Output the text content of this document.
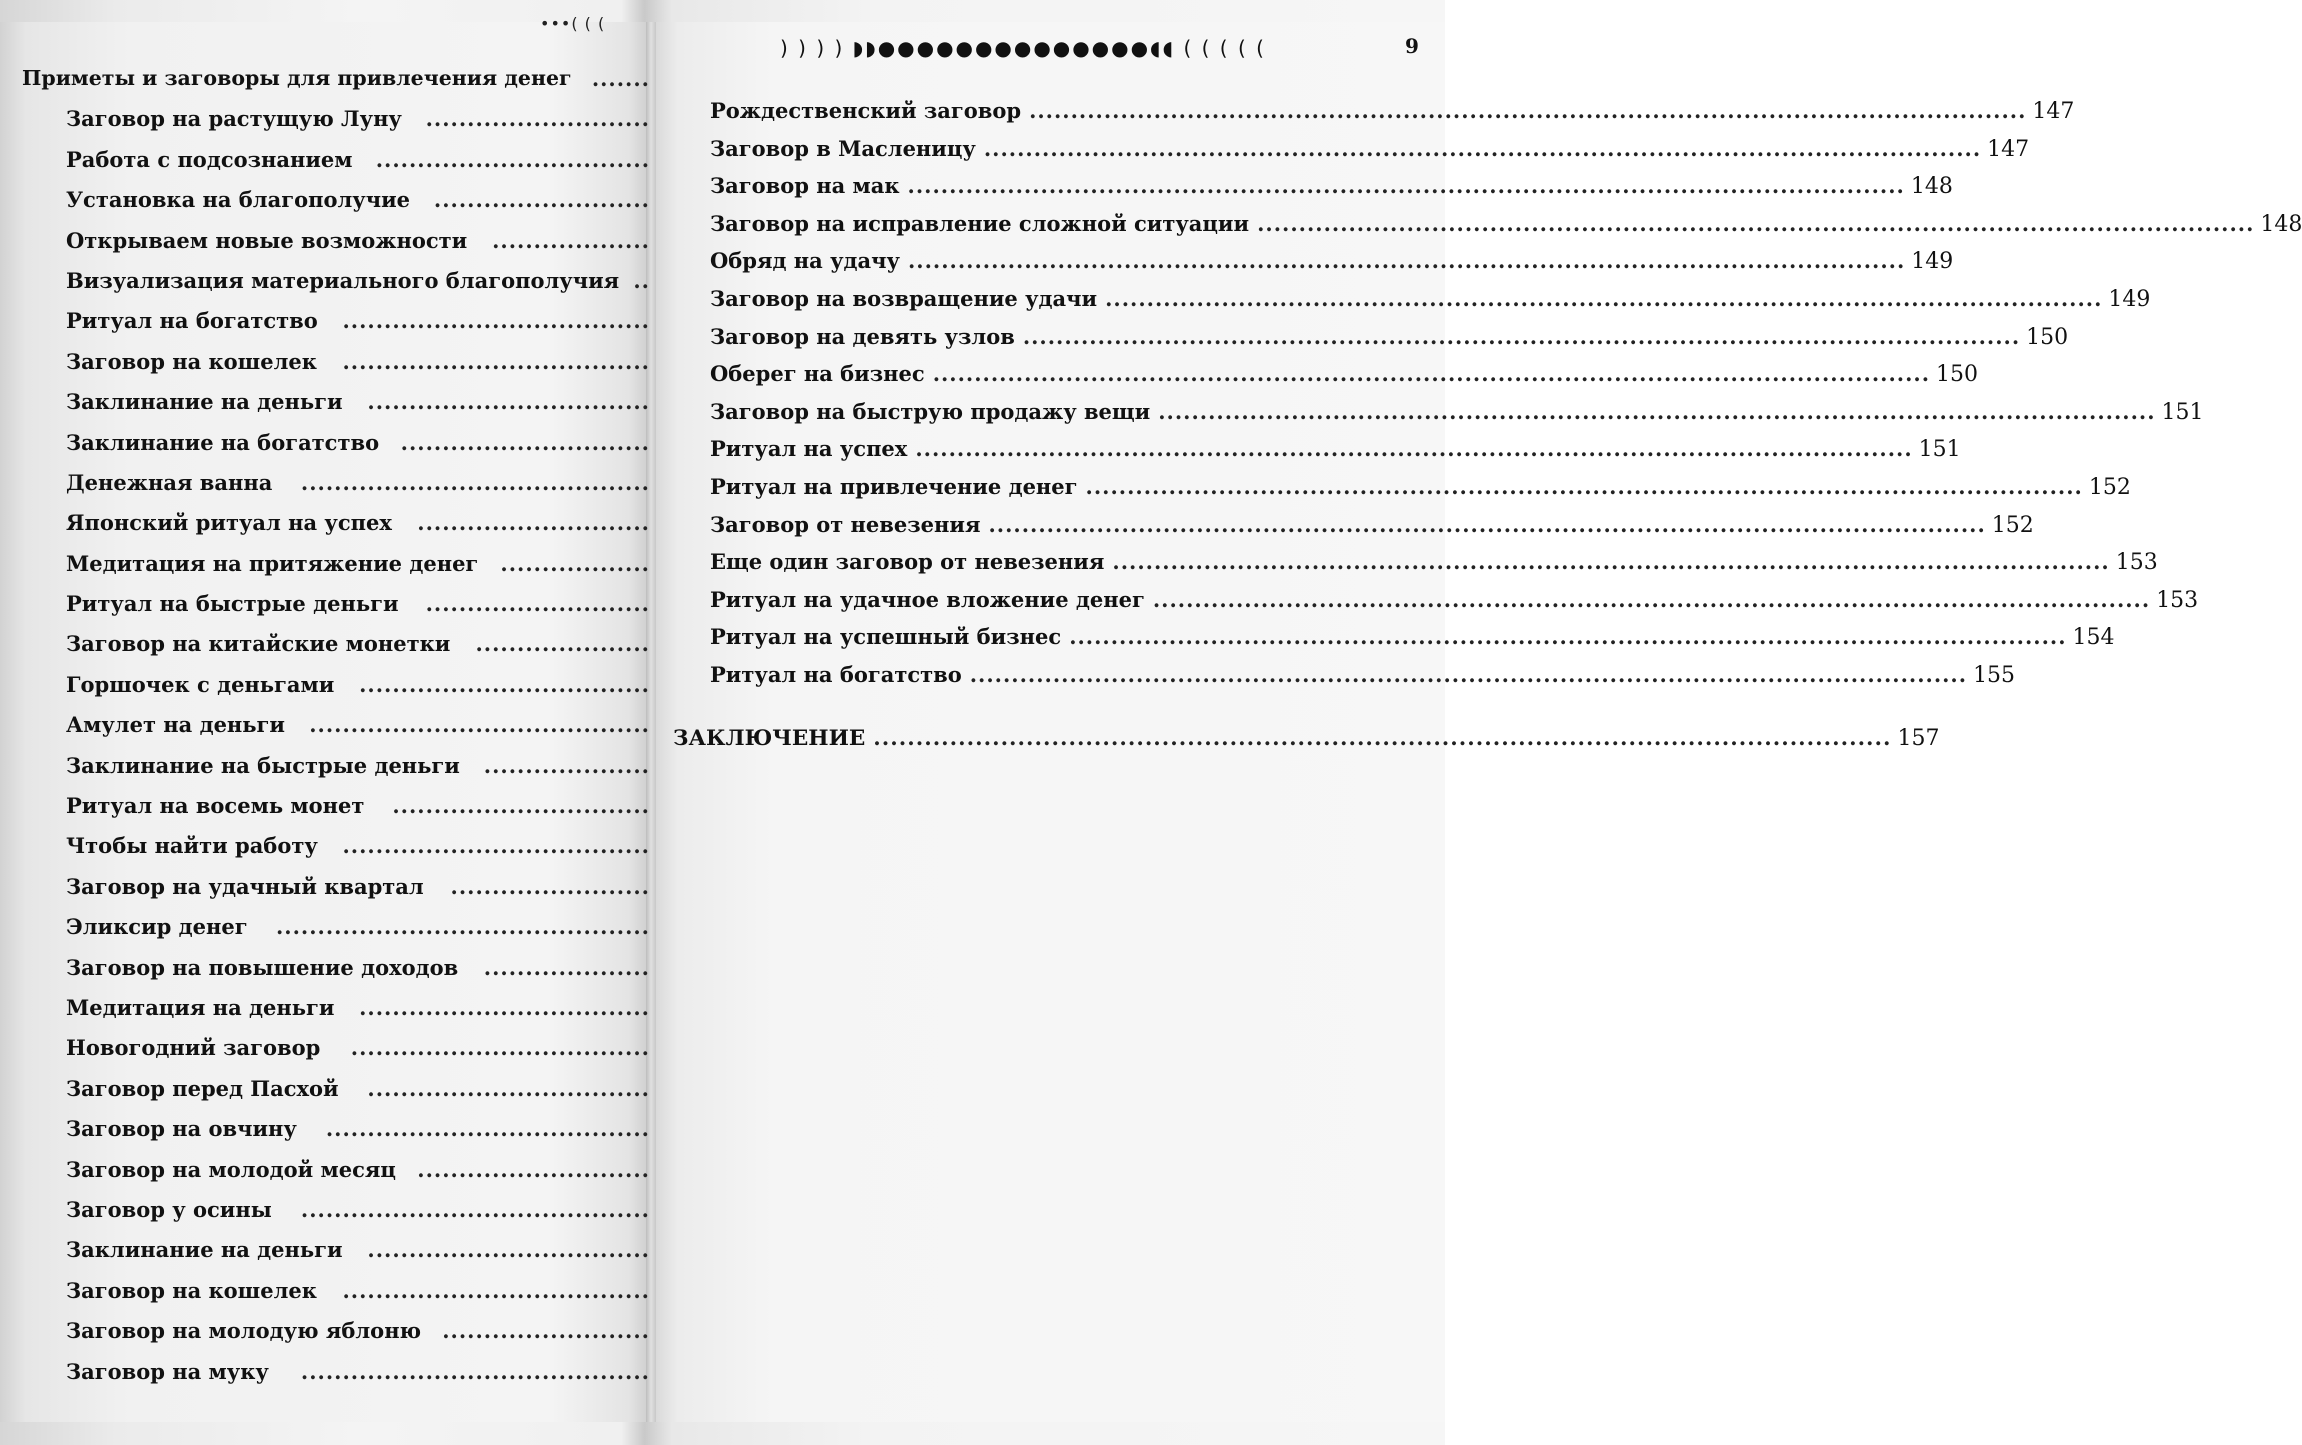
•••( ( (
) ) ) ) ◗◗●●●●●●●●●●●●●●◖◖ ( ( ( ( (	9
Приметы и заговоры для привлечения денег .......
Заговор на растущую Луну ...........................
Работа с подсознанием .................................
Установка на благополучие ..........................
Открываем новые возможности ...................
Визуализация материального благополучия ..
Ритуал на богатство .....................................
Заговор на кошелек .....................................
Заклинание на деньги ..................................
Заклинание на богатство ..............................
Денежная ванна ..........................................
Японский ритуал на успех ............................
Медитация на притяжение денег ..................
Ритуал на быстрые деньги ...........................
Заговор на китайские монетки .....................
Горшочек с деньгами ...................................
Амулет на деньги .........................................
Заклинание на быстрые деньги ....................
Ритуал на восемь монет ...............................
Чтобы найти работу .....................................
Заговор на удачный квартал ........................
Эликсир денег .............................................
Заговор на повышение доходов ....................
Медитация на деньги ...................................
Новогодний заговор ....................................
Заговор перед Пасхой ..................................
Заговор на овчину .......................................
Заговор на молодой месяц ............................
Заговор у осины ..........................................
Заклинание на деньги ..................................
Заговор на кошелек .....................................
Заговор на молодую яблоню .........................
Заговор на муку ..........................................
Рождественский заговор ........................................................................................................................ 147
Заговор в Масленицу ........................................................................................................................ 147
Заговор на мак ........................................................................................................................ 148
Заговор на исправление сложной ситуации ........................................................................................................................ 148
Обряд на удачу ........................................................................................................................ 149
Заговор на возвращение удачи ........................................................................................................................ 149
Заговор на девять узлов ........................................................................................................................ 150
Оберег на бизнес ........................................................................................................................ 150
Заговор на быструю продажу вещи ........................................................................................................................ 151
Ритуал на успех ........................................................................................................................ 151
Ритуал на привлечение денег ........................................................................................................................ 152
Заговор от невезения ........................................................................................................................ 152
Еще один заговор от невезения ........................................................................................................................ 153
Ритуал на удачное вложение денег ........................................................................................................................ 153
Ритуал на успешный бизнес ........................................................................................................................ 154
Ритуал на богатство ........................................................................................................................ 155
ЗАКЛЮЧЕНИЕ ........................................................................................................................ 157
